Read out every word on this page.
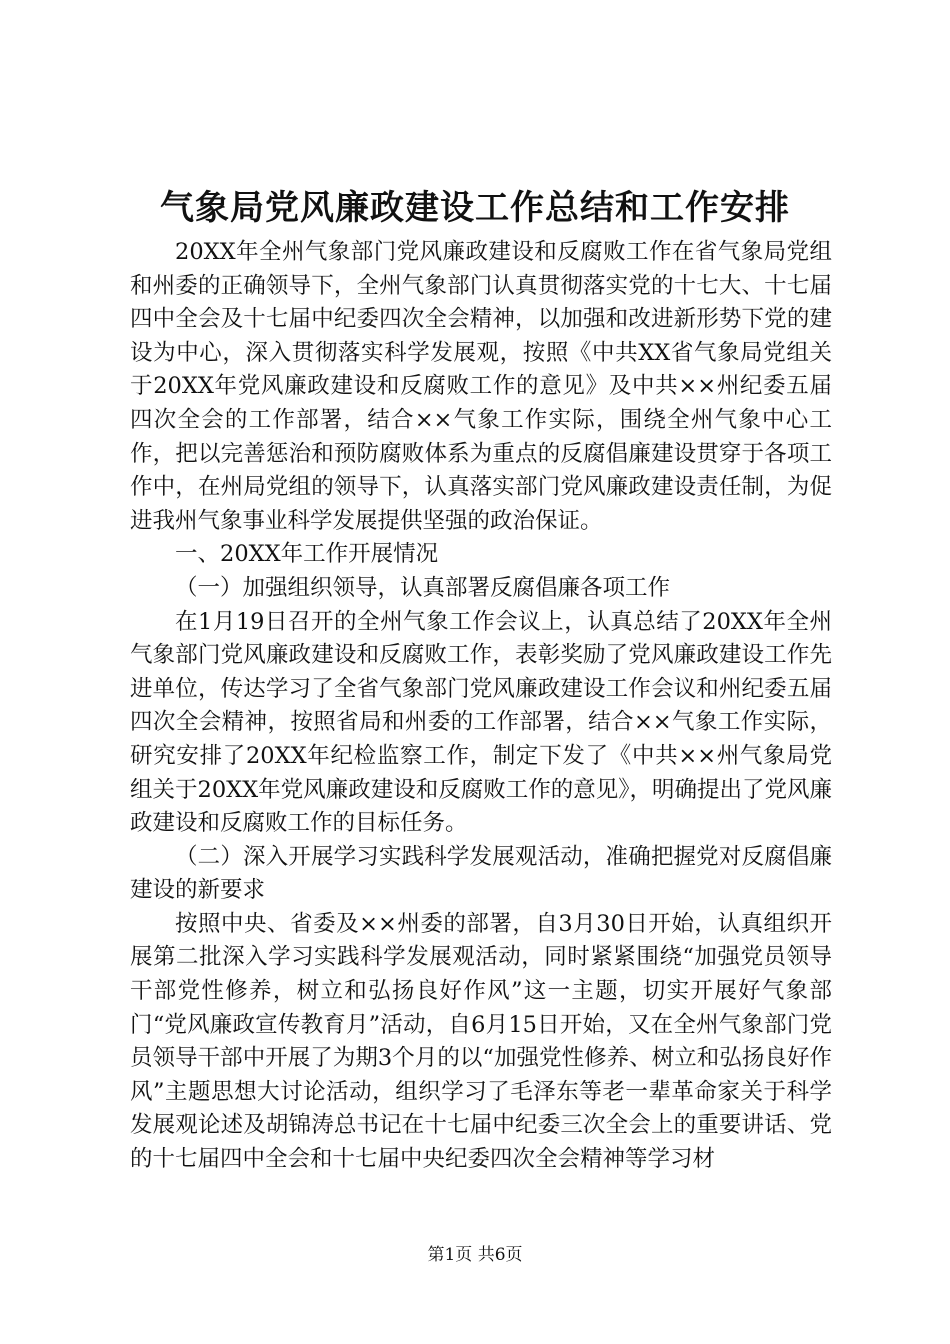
气象局党风廉政建设工作总结和工作安排

20XX年全州气象部门党风廉政建设和反腐败工作在省气象局党组和州委的正确领导下，全州气象部门认真贯彻落实党的十七大、十七届四中全会及十七届中纪委四次全会精神，以加强和改进新形势下党的建设为中心，深入贯彻落实科学发展观，按照《中共XX省气象局党组关于20XX年党风廉政建设和反腐败工作的意见》及中共××州纪委五届四次全会的工作部署，结合××气象工作实际，围绕全州气象中心工作，把以完善惩治和预防腐败体系为重点的反腐倡廉建设贯穿于各项工作中，在州局党组的领导下，认真落实部门党风廉政建设责任制，为促进我州气象事业科学发展提供坚强的政治保证。

一、20XX年工作开展情况

（一）加强组织领导，认真部署反腐倡廉各项工作

在1月19日召开的全州气象工作会议上，认真总结了20XX年全州气象部门党风廉政建设和反腐败工作，表彰奖励了党风廉政建设工作先进单位，传达学习了全省气象部门党风廉政建设工作会议和州纪委五届四次全会精神，按照省局和州委的工作部署，结合××气象工作实际，研究安排了20XX年纪检监察工作，制定下发了《中共××州气象局党组关于20XX年党风廉政建设和反腐败工作的意见》，明确提出了党风廉政建设和反腐败工作的目标任务。

（二）深入开展学习实践科学发展观活动，准确把握党对反腐倡廉建设的新要求

按照中央、省委及××州委的部署，自3月30日开始，认真组织开展第二批深入学习实践科学发展观活动，同时紧紧围绕“加强党员领导干部党性修养，树立和弘扬良好作风”这一主题，切实开展好气象部门“党风廉政宣传教育月”活动，自6月15日开始，又在全州气象部门党员领导干部中开展了为期3个月的以“加强党性修养、树立和弘扬良好作风”主题思想大讨论活动，组织学习了毛泽东等老一辈革命家关于科学发展观论述及胡锦涛总书记在十七届中纪委三次全会上的重要讲话、党的十七届四中全会和十七届中央纪委四次全会精神等学习材

第1页 共6页
